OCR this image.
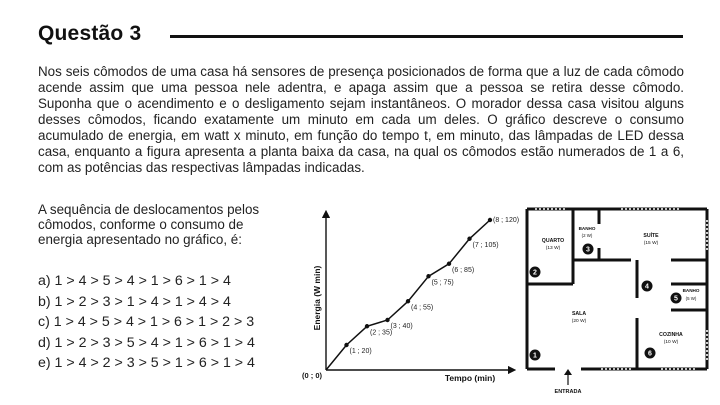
Questão 3

Nos seis cômodos de uma casa há sensores de presença posicionados de forma que a luz de cada cômodo acende assim que uma pessoa nele adentra, e apaga assim que a pessoa se retira desse cômodo. Suponha que o acendimento e o desligamento sejam instantâneos. O morador dessa casa visitou alguns desses cômodos, ficando exatamente um minuto em cada um deles. O gráfico descreve o consumo acumulado de energia, em watt x minuto, em função do tempo t, em minuto, das lâmpadas de LED dessa casa, enquanto a figura apresenta a planta baixa da casa, na qual os cômodos estão numerados de 1 a 6, com as potências das respectivas lâmpadas indicadas.

A sequência de deslocamentos pelos cômodos, conforme o consumo de energia apresentado no gráfico, é:
a) 1 > 4 > 5 > 4 > 1 > 6 > 1 > 4
b) 1 > 2 > 3 > 1 > 4 > 1 > 4 > 4
c) 1 > 4 > 5 > 4 > 1 > 6 > 1 > 2 > 3
d) 1 > 2 > 3 > 5 > 4 > 1 > 6 > 1 > 4
e) 1 > 4 > 2 > 3 > 5 > 1 > 6 > 1 > 4
Energia (W min)
Tempo (min)
(0 ; 0)
(1 ; 20)
(2 ; 35)
(3 ; 40)
(4 ; 55)
(5 ; 75)
(6 ; 85)
(7 ; 105)
(8 ; 120)
ENTRADA
QUARTO
(13 W)
BANHO
(2 W)	SUÍTE
(15 W)
BANHO
(5 W)
SALA
(20 W)
COZINHA
(10 W)
1
2
3
4
5
6
